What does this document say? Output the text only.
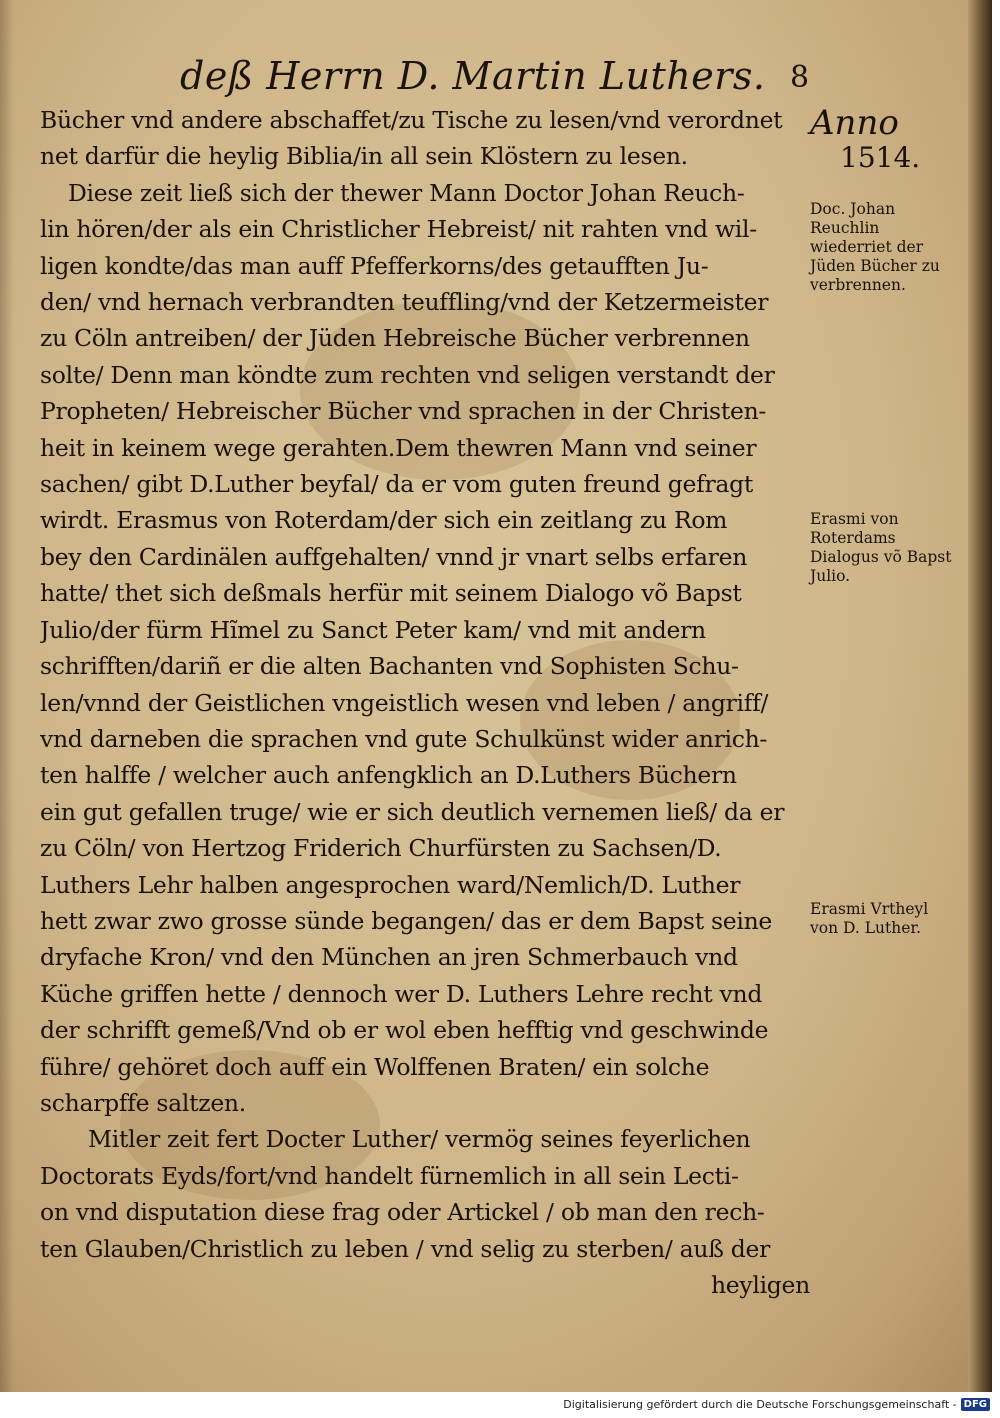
deß Herrn D. Martin Luthers. 8
Anno
1514.
Doc. Johan Reuchlin wiederriet der Jüden Bücher zu verbrennen.
Erasmi von Roterdams Dialogus võ Bapst Julio.
Erasmi Vrtheyl von D. Luther.
Bücher vnd andere abschaffet/zu Tische zu lesen/vnd verordnet
net darfür die heylig Biblia/in all sein Klöstern zu lesen.
Diese zeit ließ sich der thewer Mann Doctor Johan Reuch-
lin hören/der als ein Christlicher Hebreist/ nit rahten vnd wil-
ligen kondte/das man auff Pfefferkorns/des getaufften Ju-
den/ vnd hernach verbrandten teuffling/vnd der Ketzermeister
zu Cöln antreiben/ der Jüden Hebreische Bücher verbrennen
solte/ Denn man köndte zum rechten vnd seligen verstandt der
Propheten/ Hebreischer Bücher vnd sprachen in der Christen-
heit in keinem wege gerahten.Dem thewren Mann vnd seiner
sachen/ gibt D.Luther beyfal/ da er vom guten freund gefragt
wirdt. Erasmus von Roterdam/der sich ein zeitlang zu Rom
bey den Cardinälen auffgehalten/ vnnd jr vnart selbs erfaren
hatte/ thet sich deßmals herfür mit seinem Dialogo võ Bapst
Julio/der fürm Hĩmel zu Sanct Peter kam/ vnd mit andern
schrifften/dariñ er die alten Bachanten vnd Sophisten Schu-
len/vnnd der Geistlichen vngeistlich wesen vnd leben / angriff/
vnd darneben die sprachen vnd gute Schulkünst wider anrich-
ten halffe / welcher auch anfengklich an D.Luthers Büchern
ein gut gefallen truge/ wie er sich deutlich vernemen ließ/ da er
zu Cöln/ von Hertzog Friderich Churfürsten zu Sachsen/D.
Luthers Lehr halben angesprochen ward/Nemlich/D. Luther
hett zwar zwo grosse sünde begangen/ das er dem Bapst seine
dryfache Kron/ vnd den München an jren Schmerbauch vnd
Küche griffen hette / dennoch wer D. Luthers Lehre recht vnd
der schrifft gemeß/Vnd ob er wol eben hefftig vnd geschwinde
führe/ gehöret doch auff ein Wolffenen Braten/ ein solche
scharpffe saltzen.
Mitler zeit fert Docter Luther/ vermög seines feyerlichen
Doctorats Eyds/fort/vnd handelt fürnemlich in all sein Lecti-
on vnd disputation diese frag oder Artickel / ob man den rech-
ten Glauben/Christlich zu leben / vnd selig zu sterben/ auß der
heyligen
Digitalisierung gefördert durch die Deutsche Forschungsgemeinschaft - DFG
